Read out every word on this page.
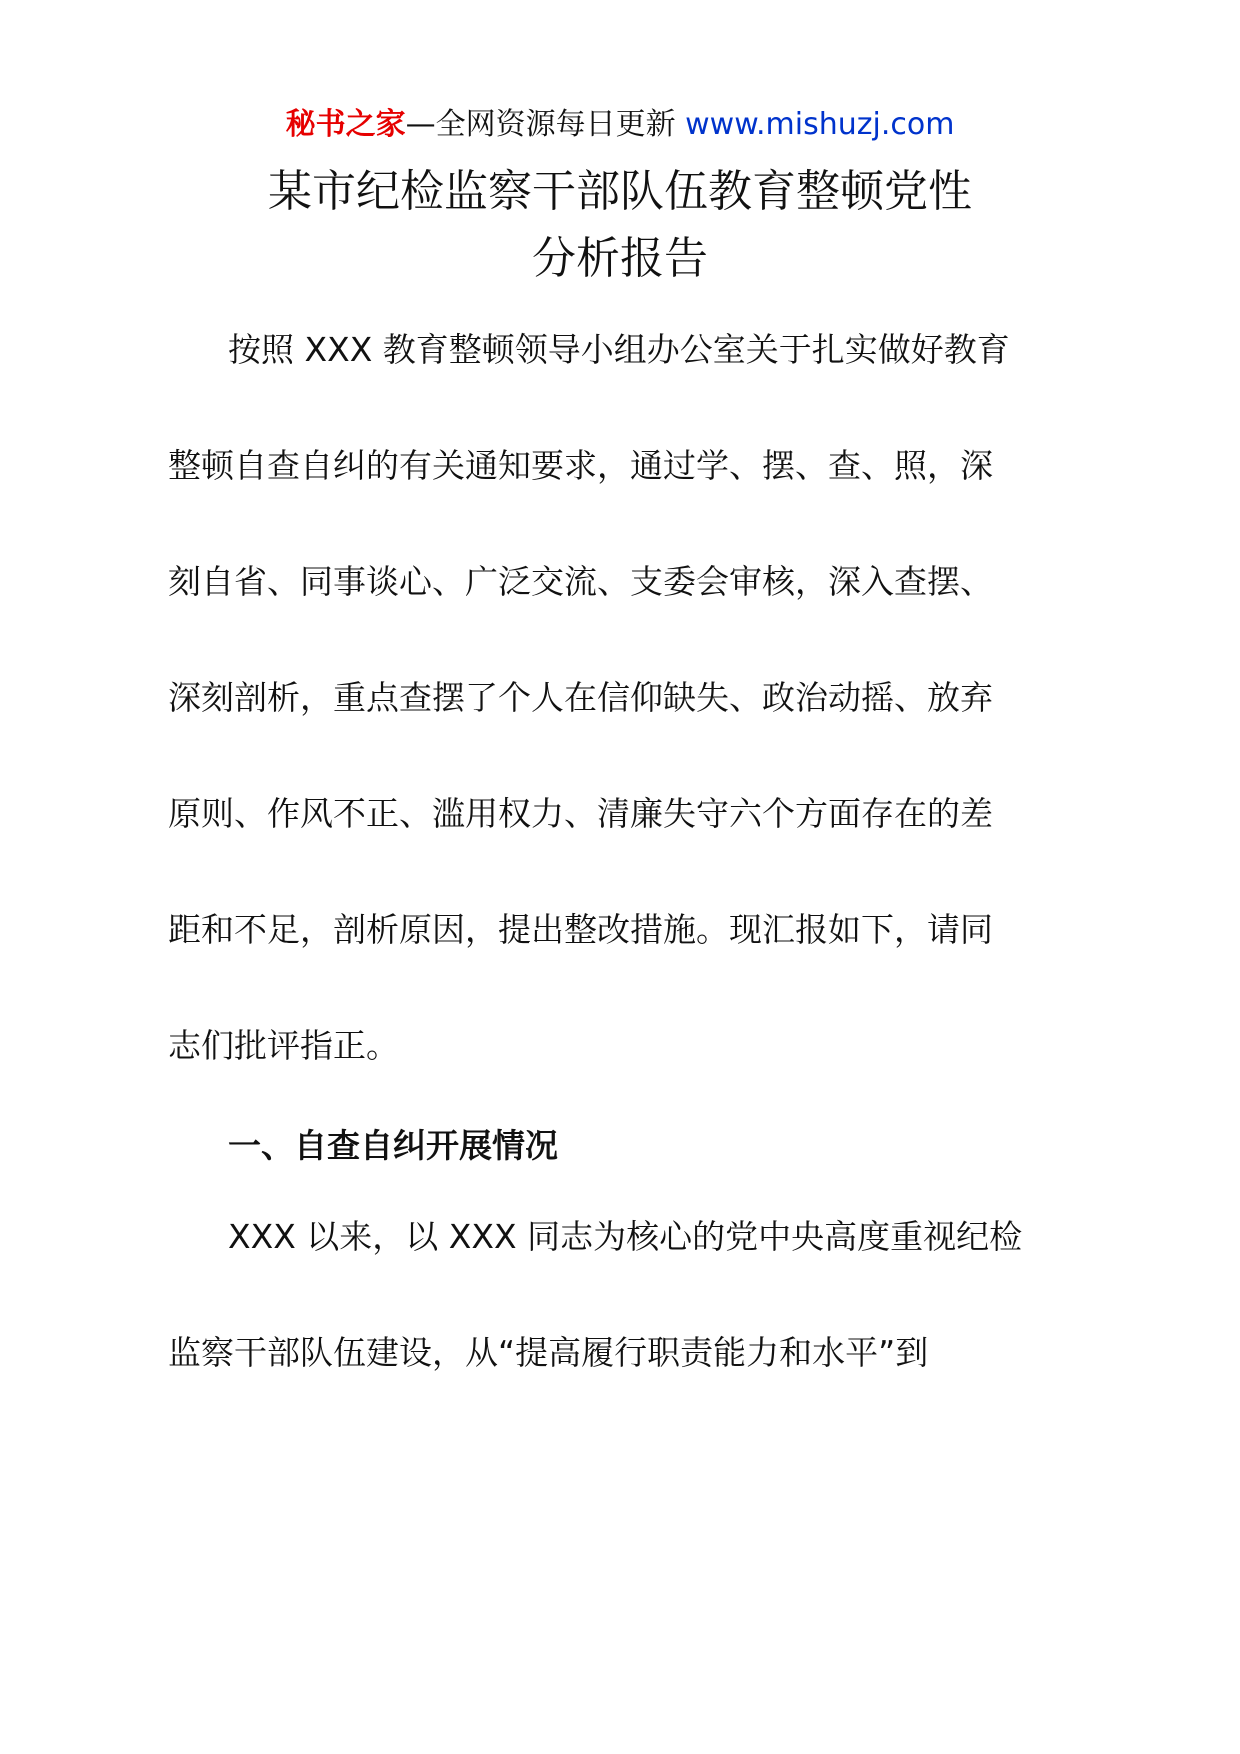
秘书之家—全网资源每日更新 www.mishuzj.com
某市纪检监察干部队伍教育整顿党性
分析报告
按照 XXX 教育整顿领导小组办公室关于扎实做好教育
整顿自查自纠的有关通知要求，通过学、摆、查、照，深
刻自省、同事谈心、广泛交流、支委会审核，深入查摆、
深刻剖析，重点查摆了个人在信仰缺失、政治动摇、放弃
原则、作风不正、滥用权力、清廉失守六个方面存在的差
距和不足，剖析原因，提出整改措施。现汇报如下，请同
志们批评指正。
一、自查自纠开展情况
XXX 以来，以 XXX 同志为核心的党中央高度重视纪检
监察干部队伍建设，从“提高履行职责能力和水平”到
